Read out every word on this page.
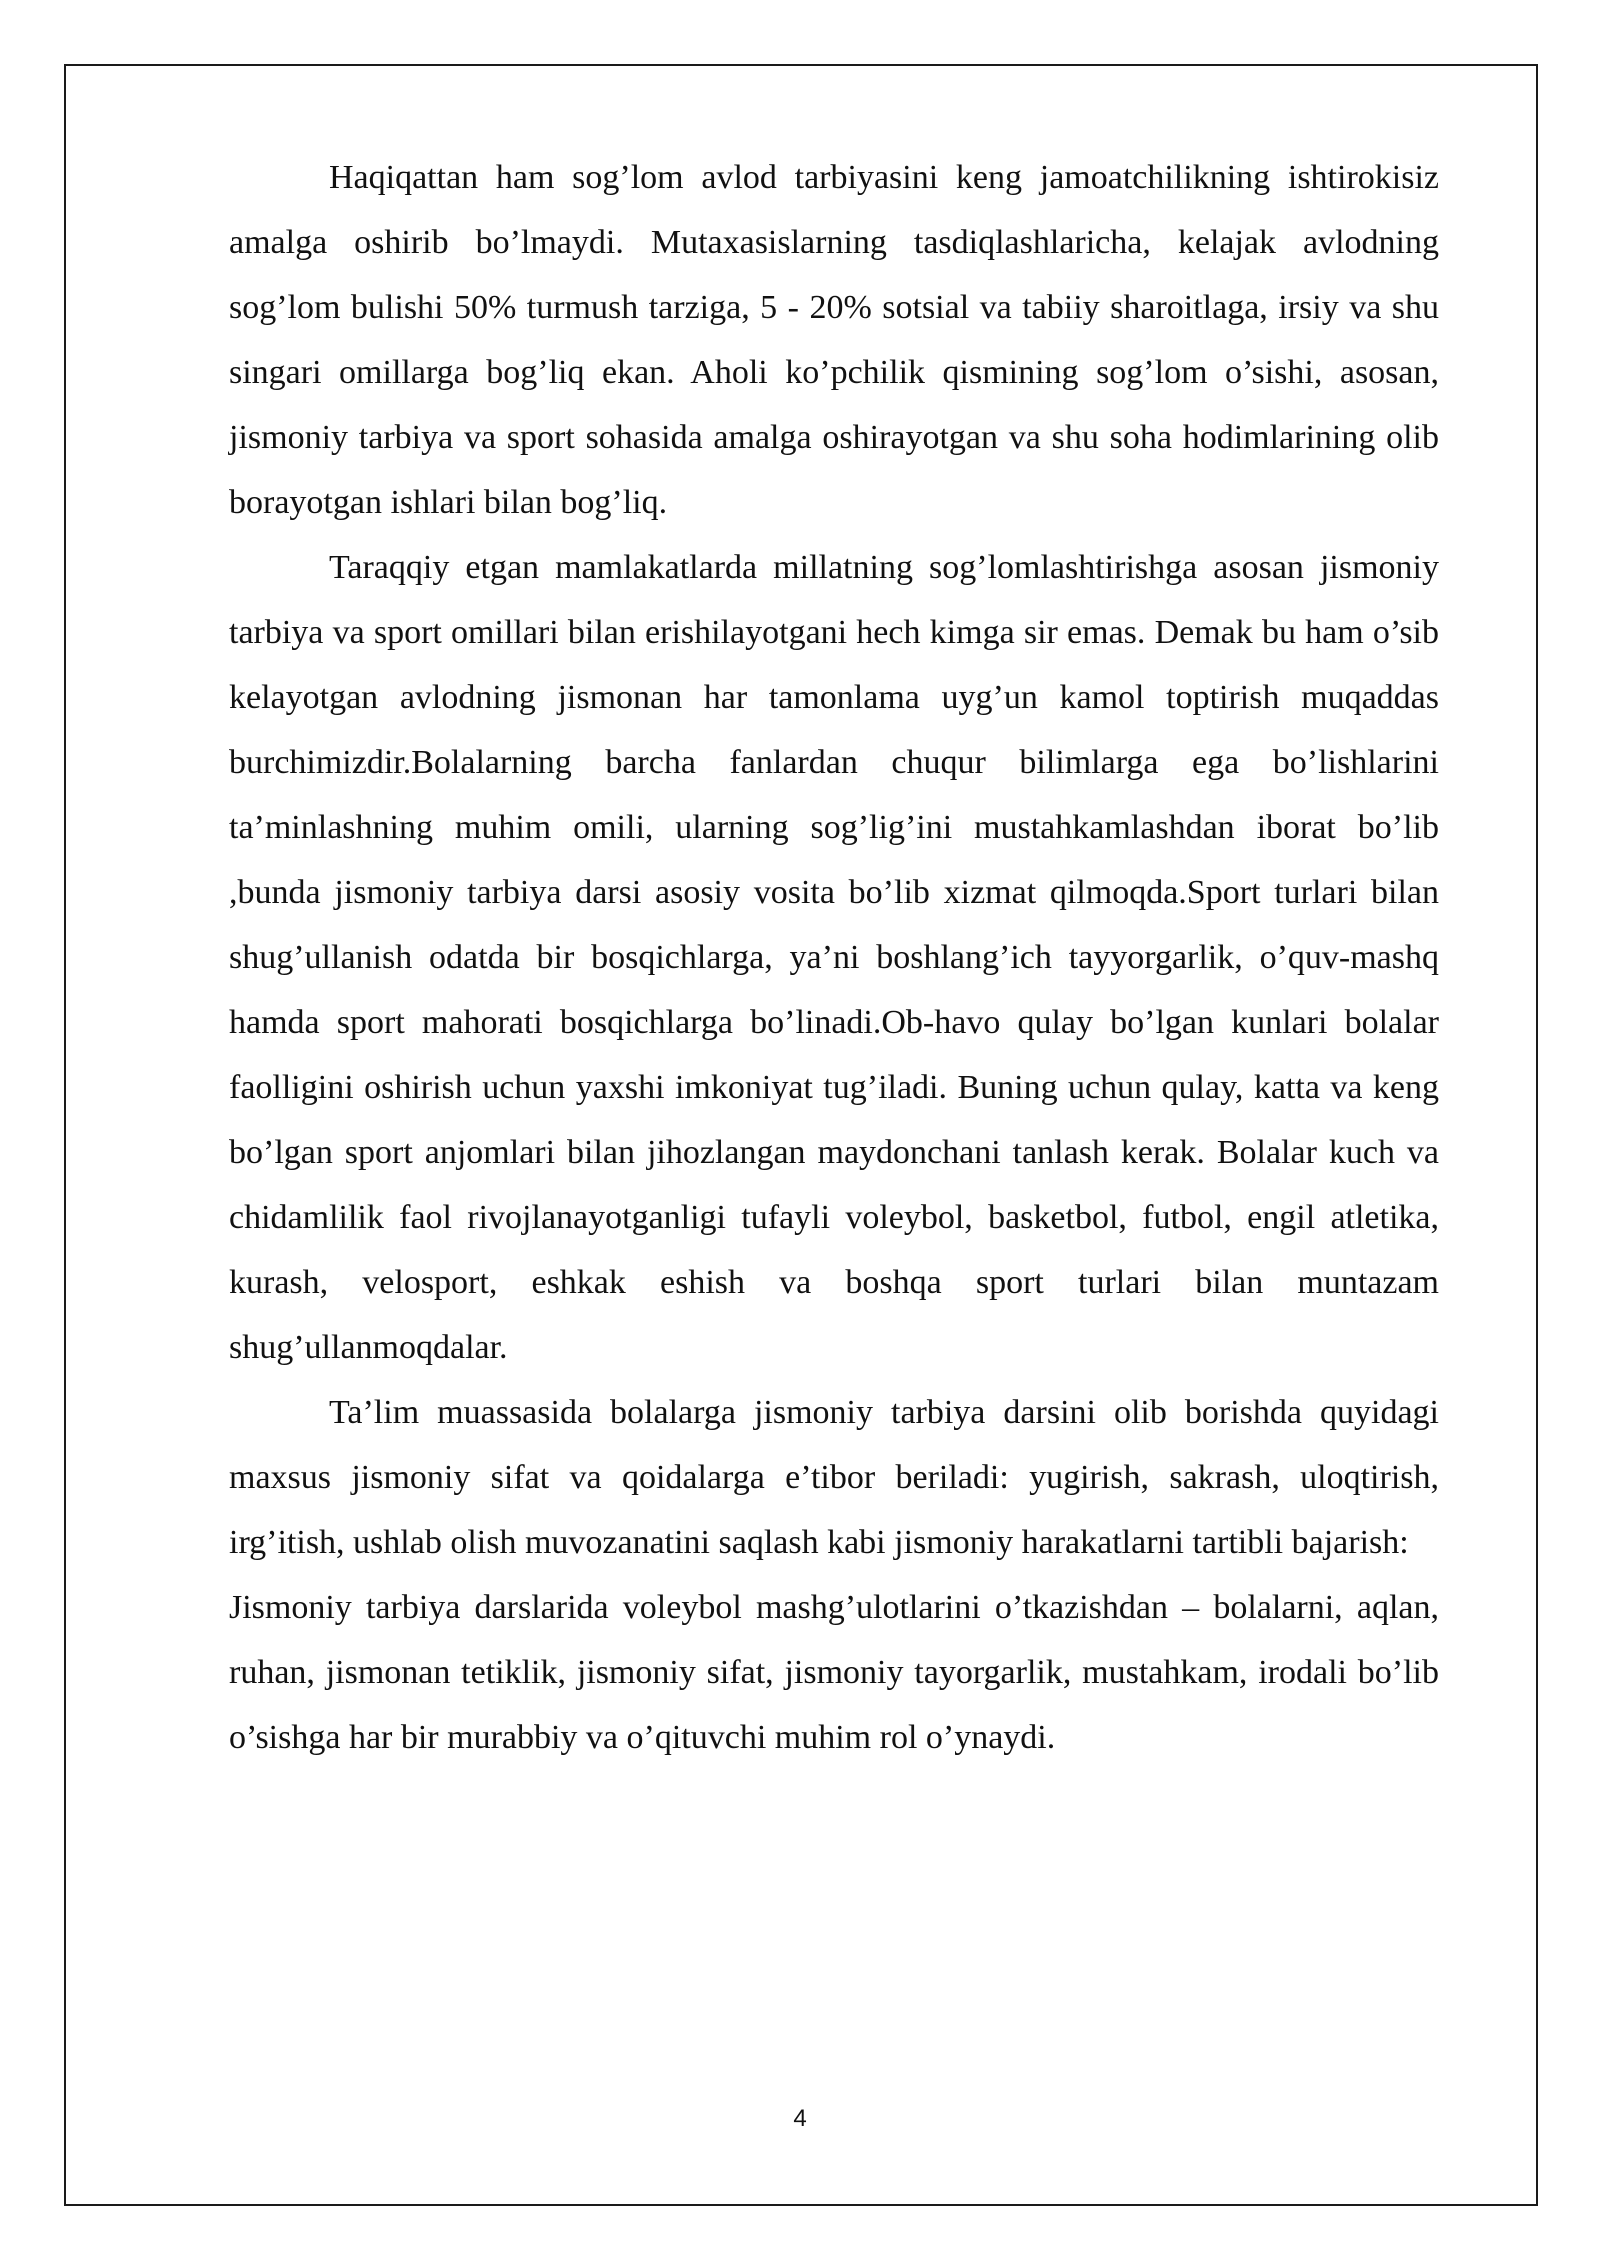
Haqiqattan ham sog’lom avlod tarbiyasini keng jamoatchilikning ishtirokisiz amalga oshirib bo’lmaydi. Mutaxasislarning tasdiqlashlaricha, kelajak avlodning sog’lom bulishi 50% turmush tarziga, 5 - 20% sotsial va tabiiy sharoitlaga, irsiy va shu singari omillarga bog’liq ekan. Aholi ko’pchilik qismining sog’lom o’sishi, asosan, jismoniy tarbiya va sport sohasida amalga oshirayotgan va shu soha hodimlarining olib borayotgan ishlari bilan bog’liq.

Taraqqiy etgan mamlakatlarda millatning sog’lomlashtirishga asosan jismoniy tarbiya va sport omillari bilan erishilayotgani hech kimga sir emas. Demak bu ham o’sib kelayotgan avlodning jismonan har tamonlama uyg’un kamol toptirish muqaddas burchimizdir.Bolalarning barcha fanlardan chuqur bilimlarga ega bo’lishlarini ta’minlashning muhim omili, ularning sog’lig’ini mustahkamlashdan iborat bo’lib ,bunda jismoniy tarbiya darsi asosiy vosita bo’lib xizmat qilmoqda.Sport turlari bilan shug’ullanish odatda bir bosqichlarga, ya’ni boshlang’ich tayyorgarlik, o’quv-mashq hamda sport mahorati bosqichlarga bo’linadi.Ob-havo qulay bo’lgan kunlari bolalar faolligini oshirish uchun yaxshi imkoniyat tug’iladi. Buning uchun qulay, katta va keng bo’lgan sport anjomlari bilan jihozlangan maydonchani tanlash kerak. Bolalar kuch va chidamlilik faol rivojlanayotganligi tufayli voleybol, basketbol, futbol, engil atletika, kurash, velosport, eshkak eshish va boshqa sport turlari bilan muntazam shug’ullanmoqdalar.

Ta’lim muassasida bolalarga jismoniy tarbiya darsini olib borishda quyidagi maxsus jismoniy sifat va qoidalarga e’tibor beriladi: yugirish, sakrash, uloqtirish, irg’itish, ushlab olish muvozanatini saqlash kabi jismoniy harakatlarni tartibli bajarish:

Jismoniy tarbiya darslarida voleybol mashg’ulotlarini o’tkazishdan – bolalarni, aqlan, ruhan, jismonan tetiklik, jismoniy sifat, jismoniy tayorgarlik, mustahkam, irodali bo’lib o’sishga har bir murabbiy va o’qituvchi muhim rol o’ynaydi.

4
